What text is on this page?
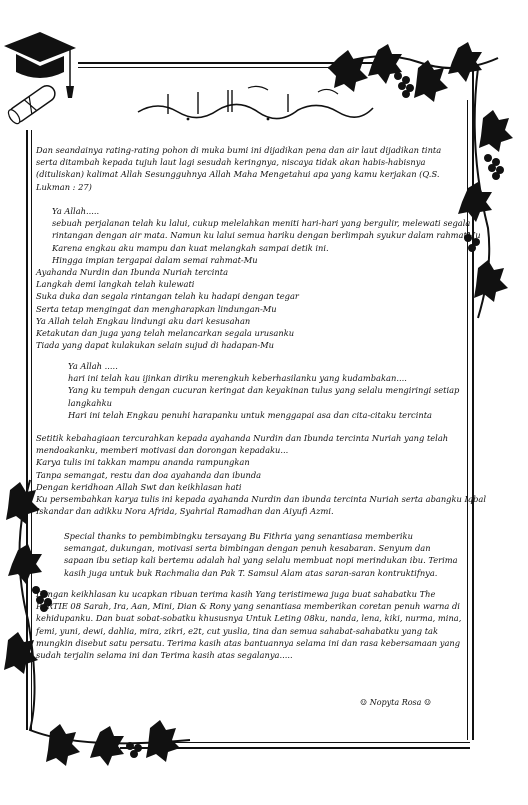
Dan seandainya rating-rating pohon di muka bumi ini dijadikan pena dan air laut dijadikan tinta serta ditambah kepada tujuh laut lagi sesudah keringnya, niscaya tidak akan habis-habisnya (dituliskan) kalimat Allah Sesungguhnya Allah Maha Mengetahui apa yang kamu kerjakan (Q.S. Lukman : 27)
Ya Allah.....
sebuah perjalanan telah ku lalui, cukup melelahkan meniti hari-hari yang bergulir, melewati segala
rintangan dengan air mata. Namun ku lalui semua hariku dengan berlimpah syukur dalam rahmatMu
Karena engkau aku mampu dan kuat melangkah sampai detik ini.
Hingga impian tergapai dalam semai rahmat-Mu
Ayahanda Nurdin dan Ibunda Nuriah tercinta
Langkah demi langkah telah kulewati
Suka duka dan segala rintangan telah ku hadapi dengan tegar
Serta tetap mengingat dan mengharapkan lindungan-Mu
Ya Allah telah Engkau lindungi aku dari kesusahan
Ketakutan dan juga yang telah melancarkan segala urusanku
Tiada yang dapat kulakukan selain sujud di hadapan-Mu
Ya Allah .....
hari ini telah kau ijinkan diriku merengkuh keberhasilanku yang kudambakan....
Yang ku tempuh dengan cucuran keringat dan keyakinan tulus yang selalu mengiringi setiap
langkahku
Hari ini telah Engkau penuhi harapanku untuk menggapai asa dan cita-citaku tercinta
Setitik kebahagiaan tercurahkan kepada ayahanda Nurdin dan Ibunda tercinta Nuriah yang telah
mendoakanku, memberi motivasi dan dorongan kepadaku...
Karya tulis ini takkan mampu ananda rampungkan
Tanpa semangat, restu dan doa ayahanda dan ibunda
Dengan keridhoan Allah Swt dan keikhlasan hati
Ku persembahkan karya tulis ini kepada ayahanda Nurdin dan ibunda tercinta Nuriah serta abangku Iqbal
Iskandar dan adikku Nora Afrida, Syahrial Ramadhan dan Aiyufi Azmi.
Special thanks to pembimbingku tersayang Bu Fithria yang senantiasa memberiku semangat, dukungan, motivasi serta bimbingan dengan penuh kesabaran. Senyum dan sapaan ibu setiap kali bertemu adalah hal yang selalu membuat nopi merindukan ibu. Terima kasih juga untuk buk Rachmalia dan Pak T. Samsul Alam atas saran-saran kontruktifnya.
Dengan keikhlasan ku ucapkan ribuan terima kasih Yang teristimewa juga buat sahabatku The PARTIE 08 Sarah, Ira, Aan, Mini, Dian & Rony yang senantiasa memberikan coretan penuh warna di kehidupanku. Dan buat sobat-sobatku khususnya Untuk Leting 08ku, nanda, lena, kiki, nurma, mina, femi, yuni, dewi, dahlia, mira, zikri, e2t, cut yuslia, tina dan semua sahabat-sahabatku yang tak mungkin disebut satu persatu. Terima kasih atas bantuannya selama ini dan rasa kebersamaan yang sudah terjalin selama ini dan Terima kasih atas segalanya.....
☺ Nopyta Rosa ☺
